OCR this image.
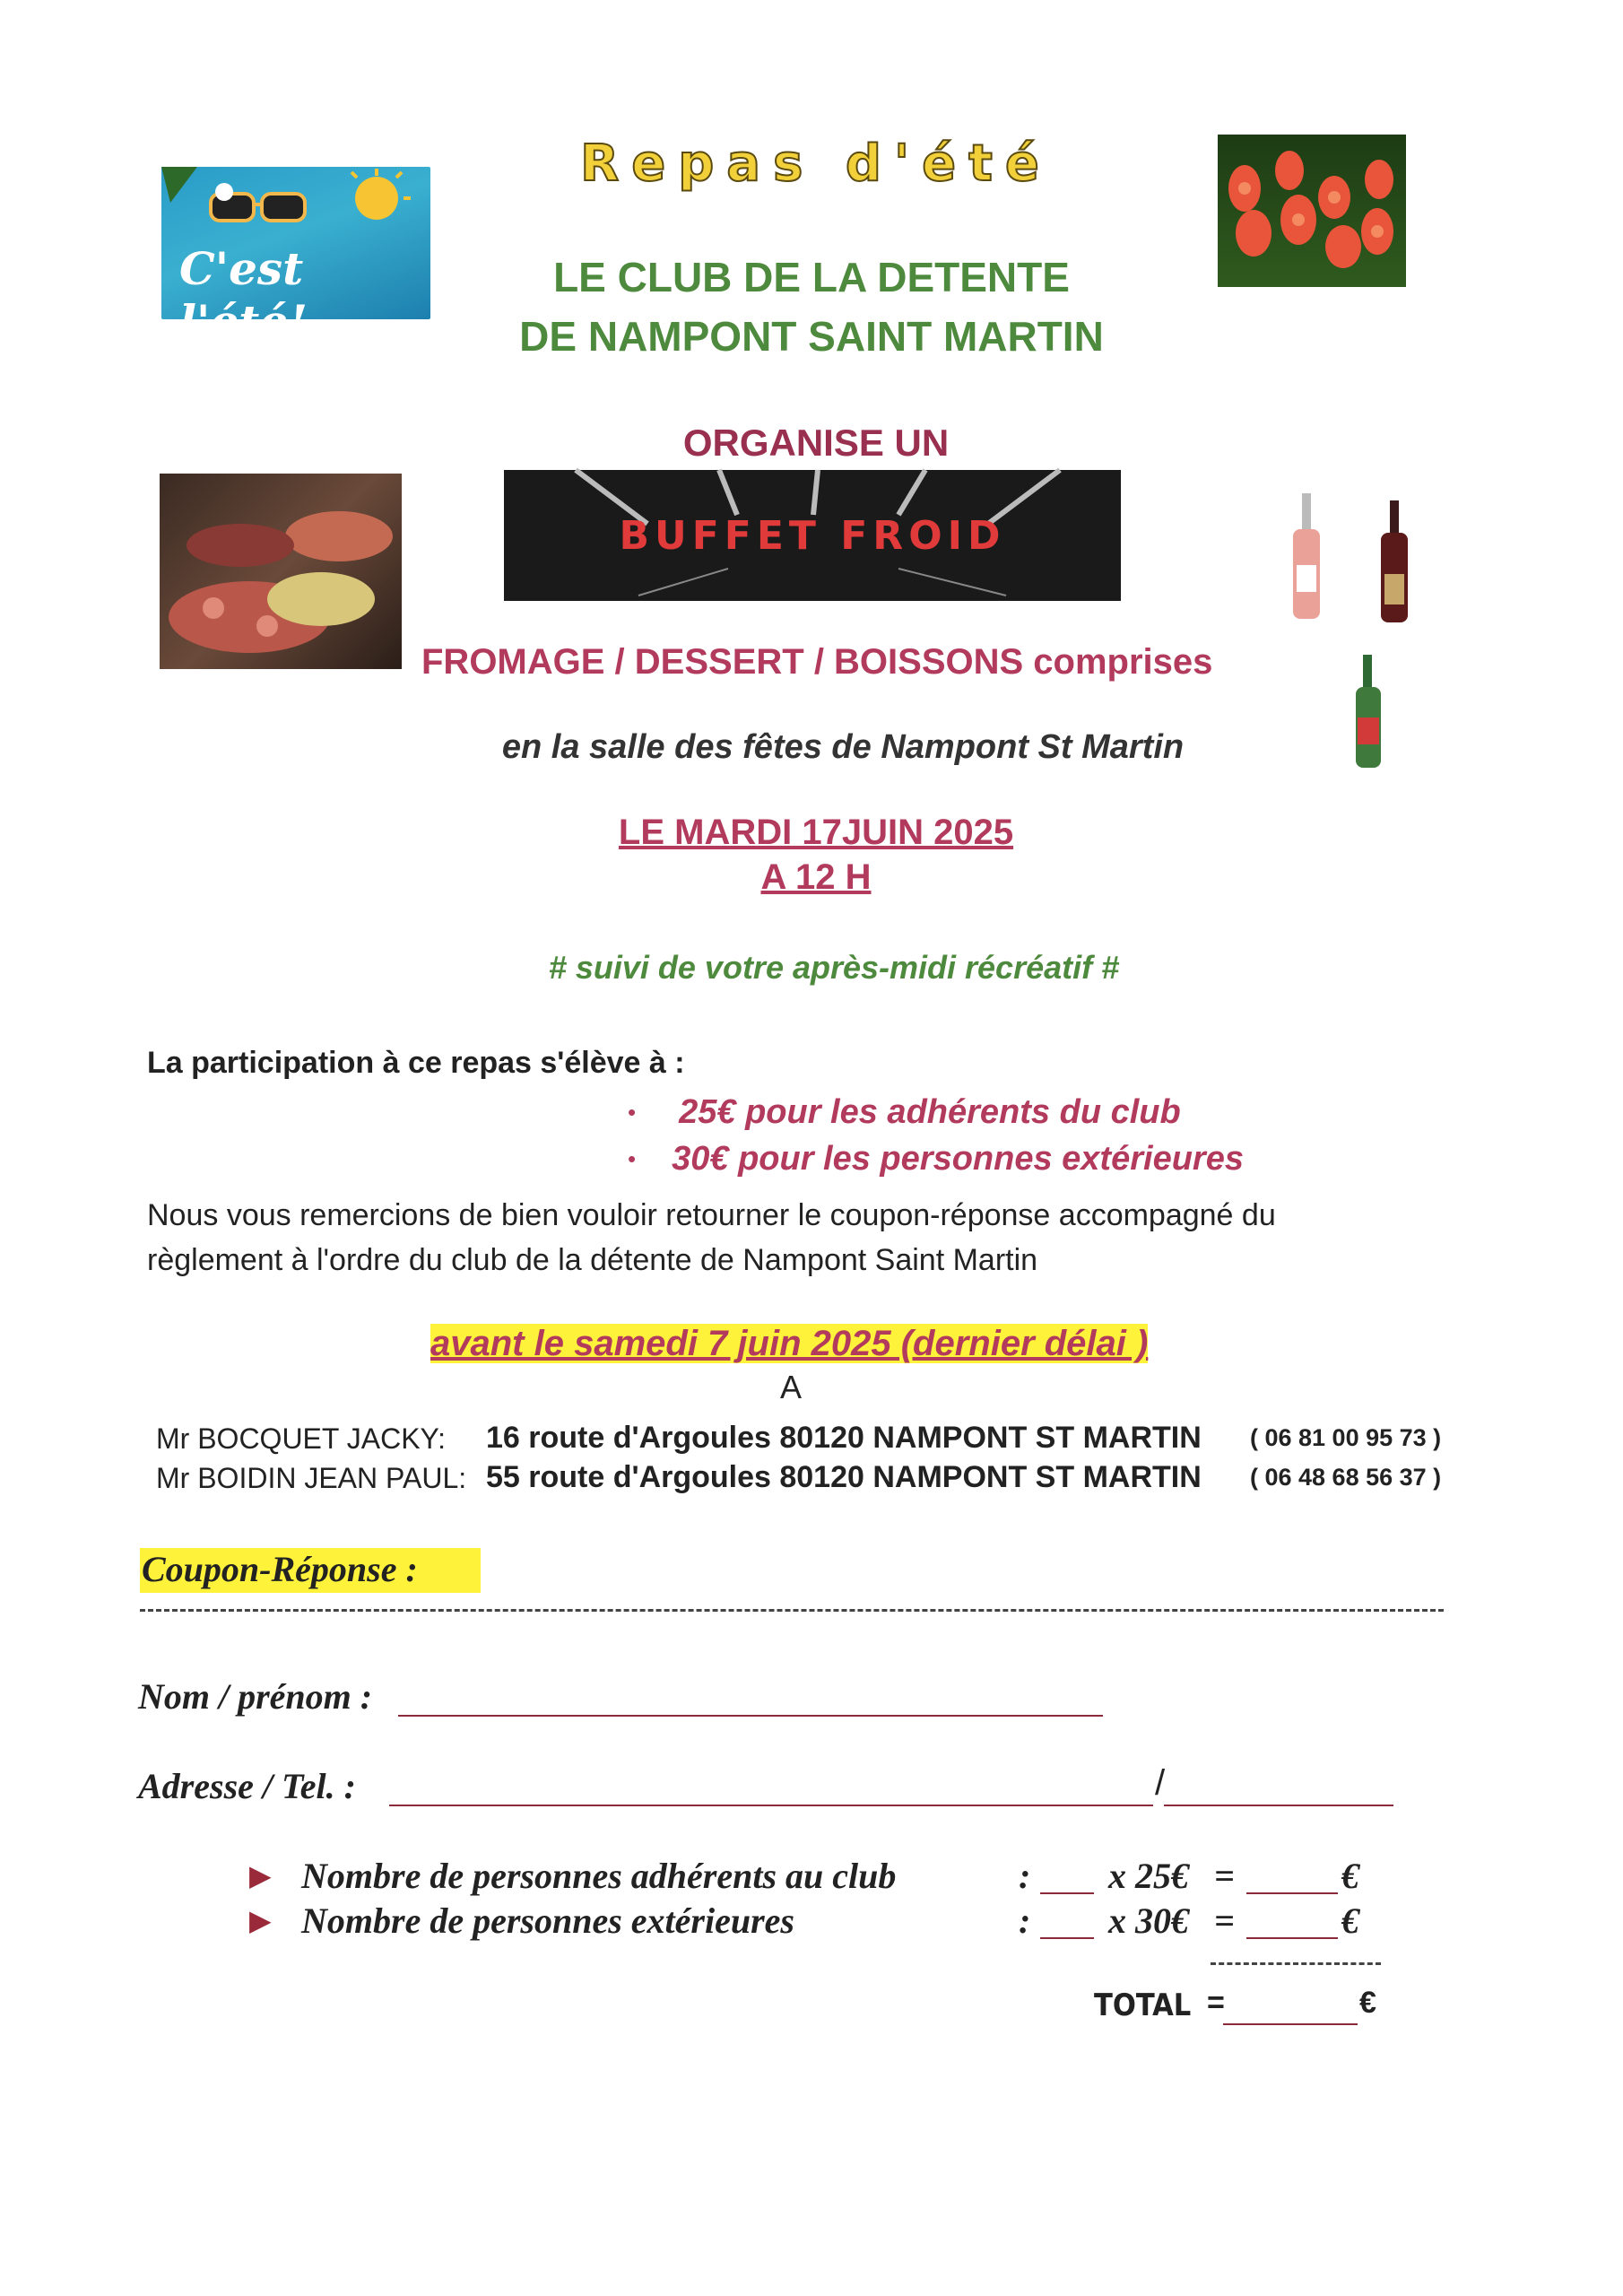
Repas d'été
C'est l'été!
LE CLUB DE LA DETENTE
DE NAMPONT SAINT MARTIN
ORGANISE UN
BUFFET FROID
FROMAGE / DESSERT / BOISSONS comprises
en la salle des fêtes de Nampont St Martin
LE MARDI 17JUIN 2025
A 12 H
# suivi de votre après-midi récréatif #
La participation à ce repas s'élève à :
• 25€ pour les adhérents du club
• 30€ pour les personnes extérieures
Nous vous remercions de bien vouloir retourner le coupon-réponse accompagné du
règlement à l'ordre du club de la détente de Nampont Saint Martin
avant le samedi 7 juin 2025 (dernier délai )
A
Mr BOCQUET JACKY: 16 route d'Argoules 80120 NAMPONT ST MARTIN ( 06 81 00 95 73 )
Mr BOIDIN JEAN PAUL: 55 route d'Argoules 80120 NAMPONT ST MARTIN ( 06 48 68 56 37 )
Coupon-Réponse :
Nom / prénom :
Adresse / Tel. :	/
▶ Nombre de personnes adhérents au club	: x 25€ =	€
▶ Nombre de personnes extérieures	: x 30€ =	€
TOTAL =	€
